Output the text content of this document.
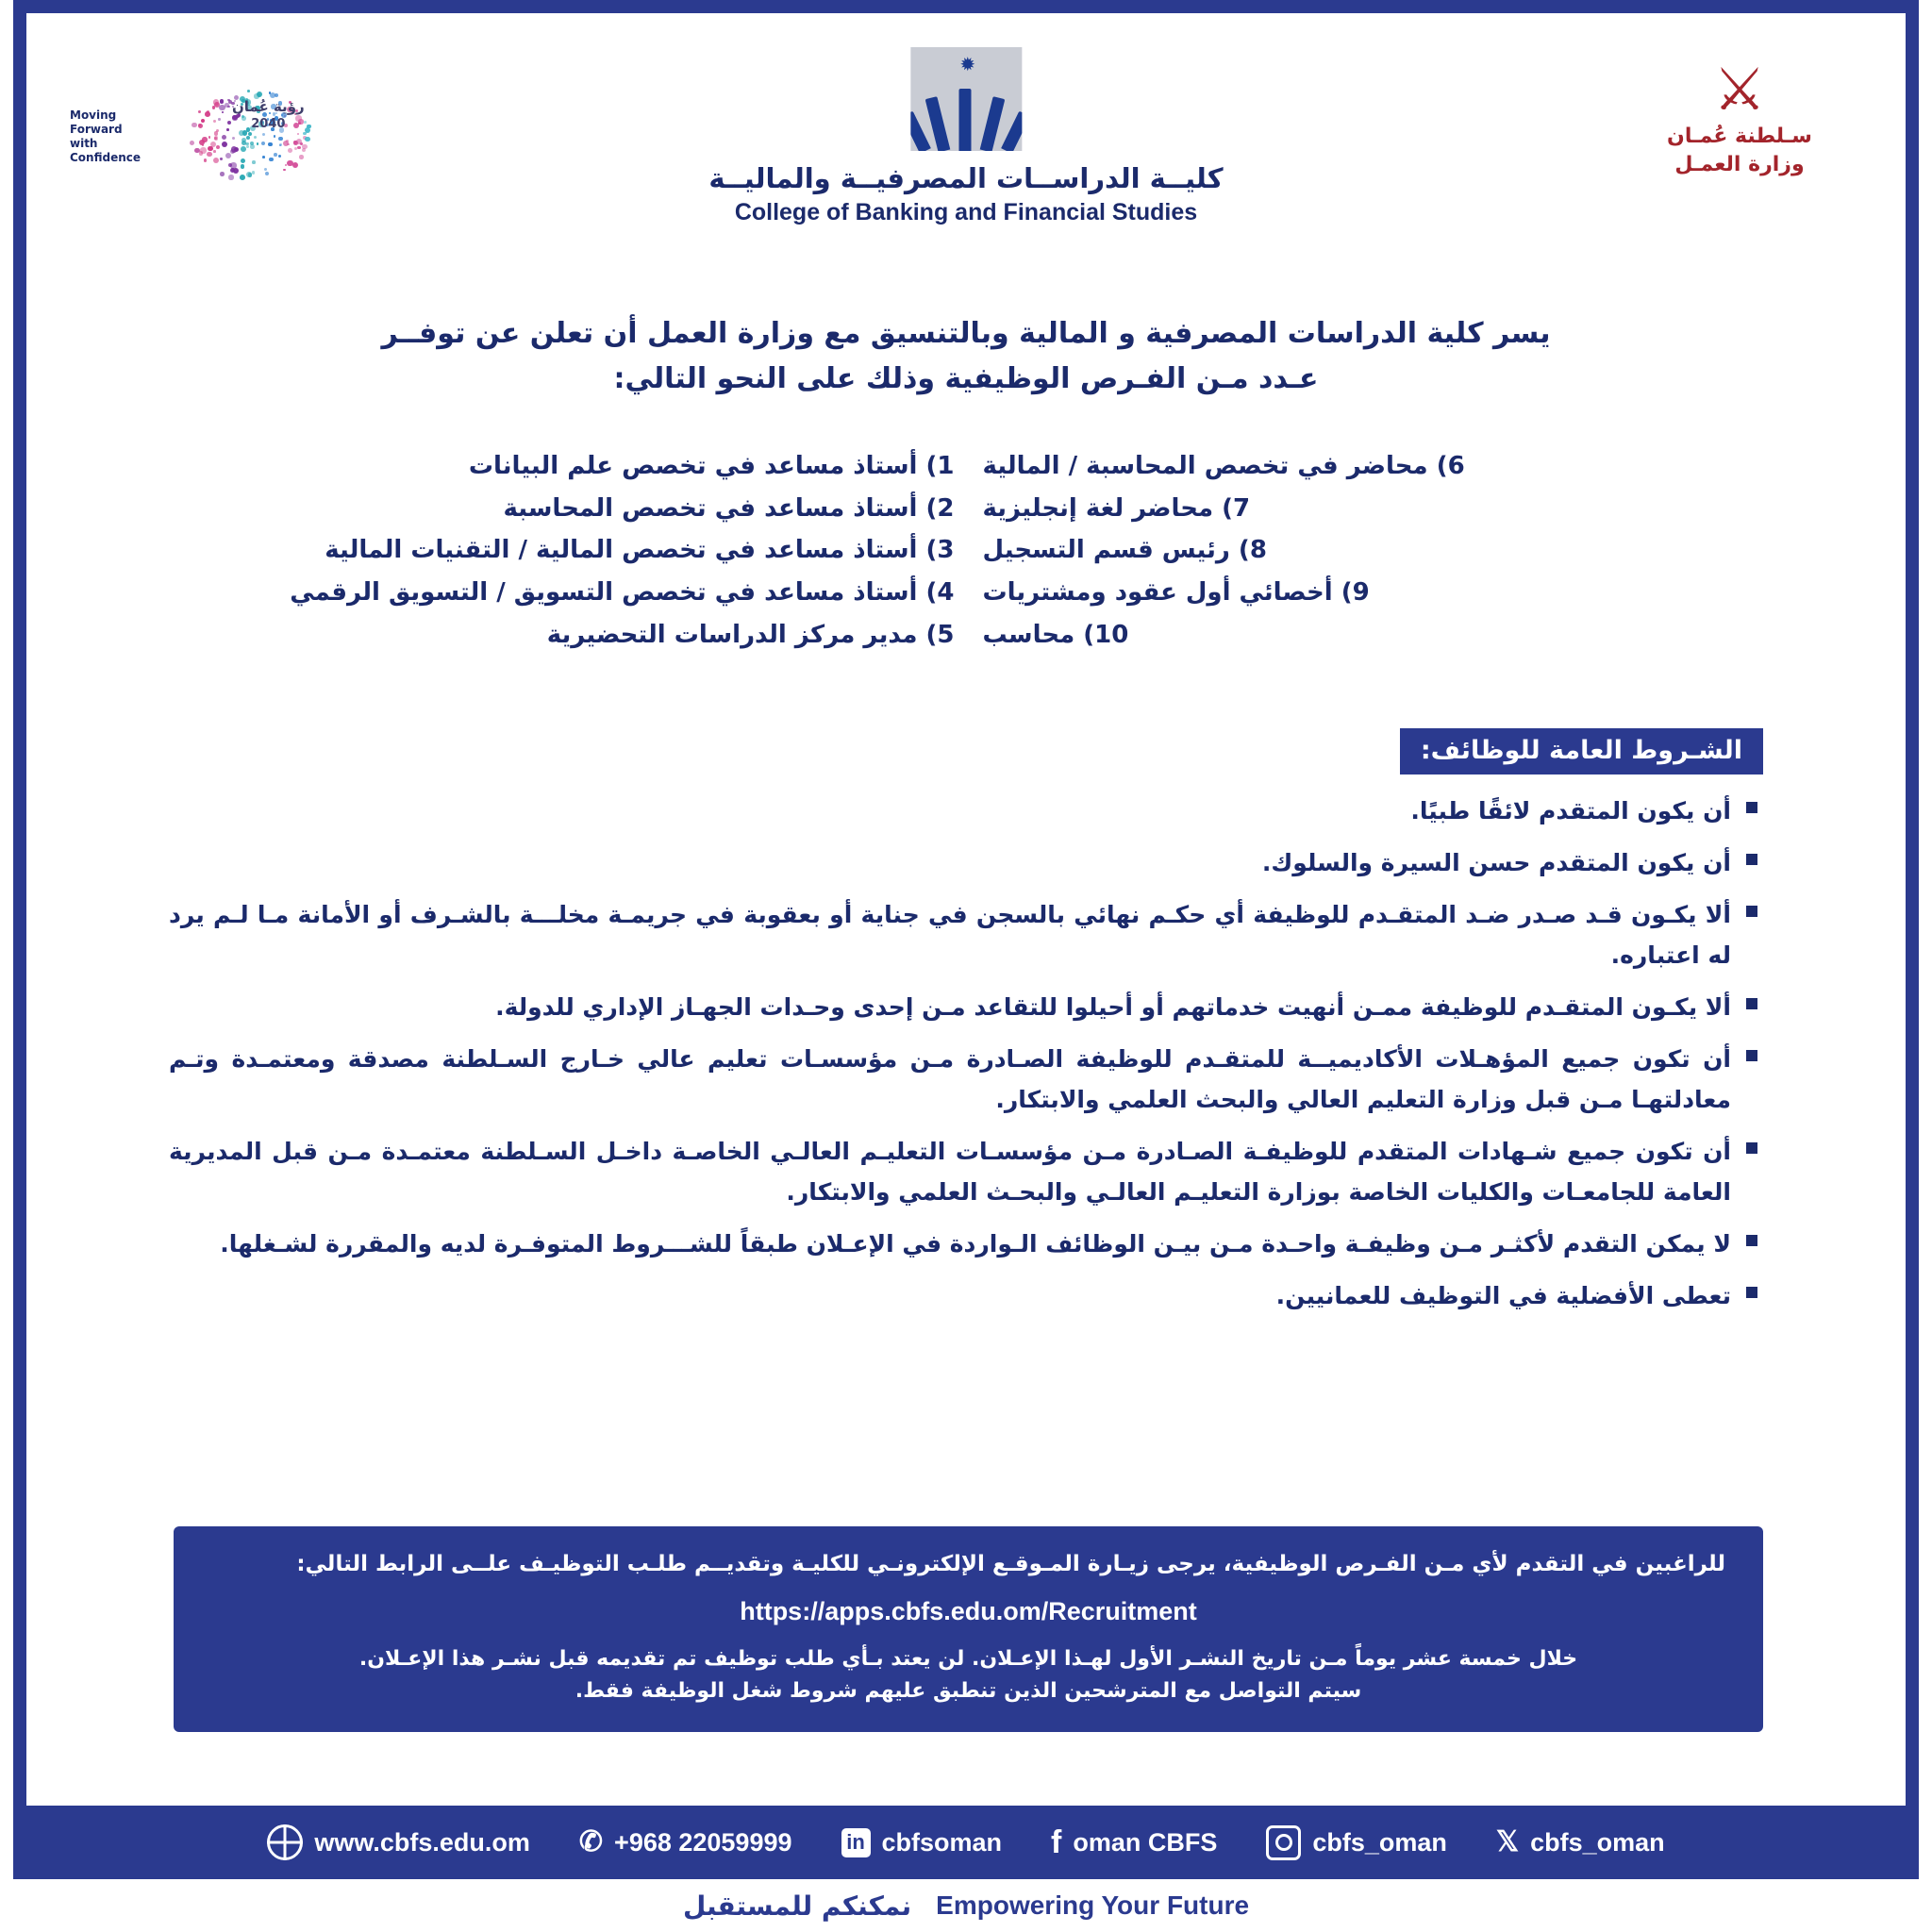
Moving Forward
with Confidence
رؤية عُمان
2040
✹
كليــة الدراســات المصرفيــة والماليــة
College of Banking and Financial Studies
⚔
سـلطنة عُمـان
وزارة العمـل
يسر كلية الدراسات المصرفية و المالية وبالتنسيق مع وزارة العمل أن تعلن عن توفــر
عـدد مـن الفـرص الوظيفية وذلك على النحو التالي:
1) أستاذ مساعد في تخصص علم البيانات
2) أستاذ مساعد في تخصص المحاسبة
3) أستاذ مساعد في تخصص المالية / التقنيات المالية
4) أستاذ مساعد في تخصص التسويق / التسويق الرقمي
5) مدير مركز الدراسات التحضيرية
6) محاضر في تخصص المحاسبة / المالية
7) محاضر لغة إنجليزية
8) رئيس قسم التسجيل
9) أخصائي أول عقود ومشتريات
10) محاسب
الشـروط العامة للوظائف:
أن يكون المتقدم لائقًا طبيًا.
أن يكون المتقدم حسن السيرة والسلوك.
ألا يكـون قـد صـدر ضـد المتقـدم للوظيفة أي حكـم نهائي بالسجن في جناية أو بعقوبة في جريمـة مخلـــة بالشـرف أو الأمانة مـا لـم يرد له اعتباره.
ألا يكـون المتقـدم للوظيفة ممـن أنهيت خدماتهم أو أحيلوا للتقاعد مـن إحدى وحـدات الجهـاز الإداري للدولة.
أن تكون جميع المؤهـلات الأكاديميــة للمتقـدم للوظيفة الصـادرة مـن مؤسسـات تعليم عالي خـارج السـلطنة مصدقة ومعتمـدة وتـم معادلتهـا مـن قبل وزارة التعليم العالي والبحث العلمي والابتكار.
أن تكون جميع شـهادات المتقدم للوظيفـة الصـادرة مـن مؤسسـات التعليـم العالـي الخاصـة داخـل السـلطنة معتمـدة مـن قبل المديرية العامة للجامعـات والكليات الخاصة بوزارة التعليـم العالـي والبحـث العلمي والابتكار.
لا يمكن التقدم لأكثـر مـن وظيفـة واحـدة مـن بيـن الوظائف الـواردة في الإعـلان طبقاً للشـــروط المتوفـرة لديه والمقررة لشـغلها.
تعطى الأفضلية في التوظيف للعمانيين.

للراغبين في التقدم لأي مـن الفـرص الوظيفية، يرجى زيـارة المـوقـع الإلكترونـي للكليـة وتقديــم طلـب التوظيـف علــى الرابط التالي:

https://apps.cbfs.edu.om/Recruitment

خلال خمسة عشر يوماً مـن تاريخ النشـر الأول لهـذا الإعـلان. لن يعتد بـأي طلب توظيف تم تقديمه قبل نشـر هذا الإعـلان.

سيتم التواصل مع المترشحين الذين تنطبق عليهم شروط شغل الوظيفة فقط.

𝕏 cbfs_oman
cbfs_oman
f oman CBFS
in cbfsoman
✆ +968 22059999
www.cbfs.edu.om
Empowering Your Future
نمكنكم للمستقبل
